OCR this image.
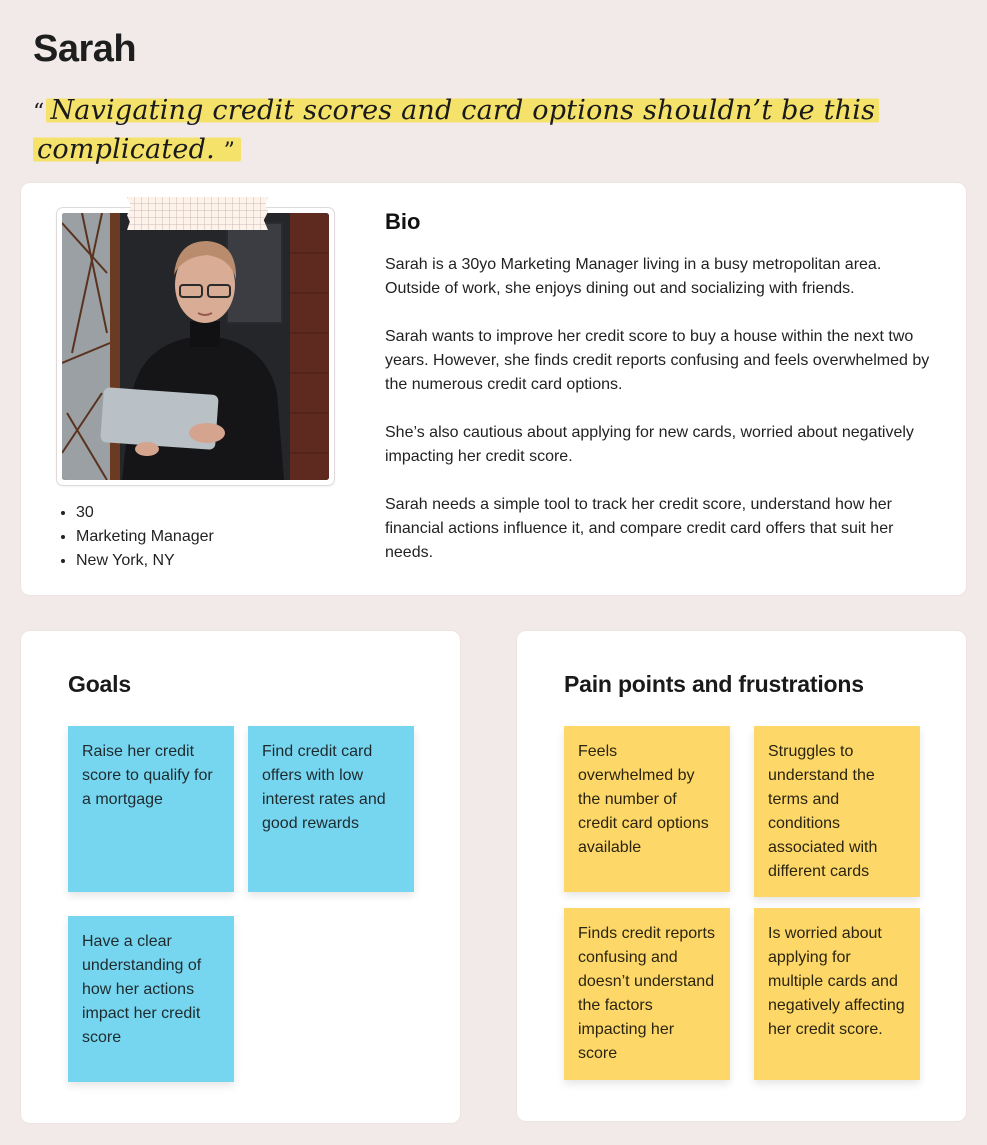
Sarah
“ Navigating credit scores and card options shouldn’t be this complicated. ”
• 30
• Marketing Manager
• New York, NY
Bio

Sarah is a 30yo Marketing Manager living in a busy metropolitan area. Outside of work, she enjoys dining out and socializing with friends.

Sarah wants to improve her credit score to buy a house within the next two years. However, she finds credit reports confusing and feels overwhelmed by the numerous credit card options.

She’s also cautious about applying for new cards, worried about negatively impacting her credit score.

Sarah needs a simple tool to track her credit score, understand how her financial actions influence it, and compare credit card offers that suit her needs.

Goals
Raise her credit score to qualify for a mortgage
Find credit card offers with low interest rates and good rewards
Have a clear understanding of how her actions impact her credit score
Pain points and frustrations
Feels overwhelmed by the number of credit card options available
Struggles to understand the terms and conditions associated with different cards
Finds credit reports confusing and doesn’t understand the factors impacting her score
Is worried about applying for multiple cards and negatively affecting her credit score.
